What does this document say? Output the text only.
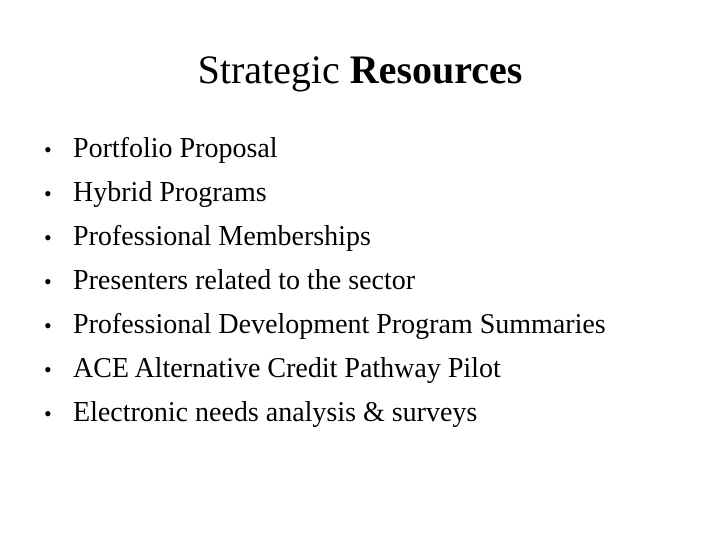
Strategic Resources
• Portfolio Proposal
• Hybrid Programs
• Professional Memberships
• Presenters related to the sector
• Professional Development Program Summaries
• ACE Alternative Credit Pathway Pilot
• Electronic needs analysis & surveys
